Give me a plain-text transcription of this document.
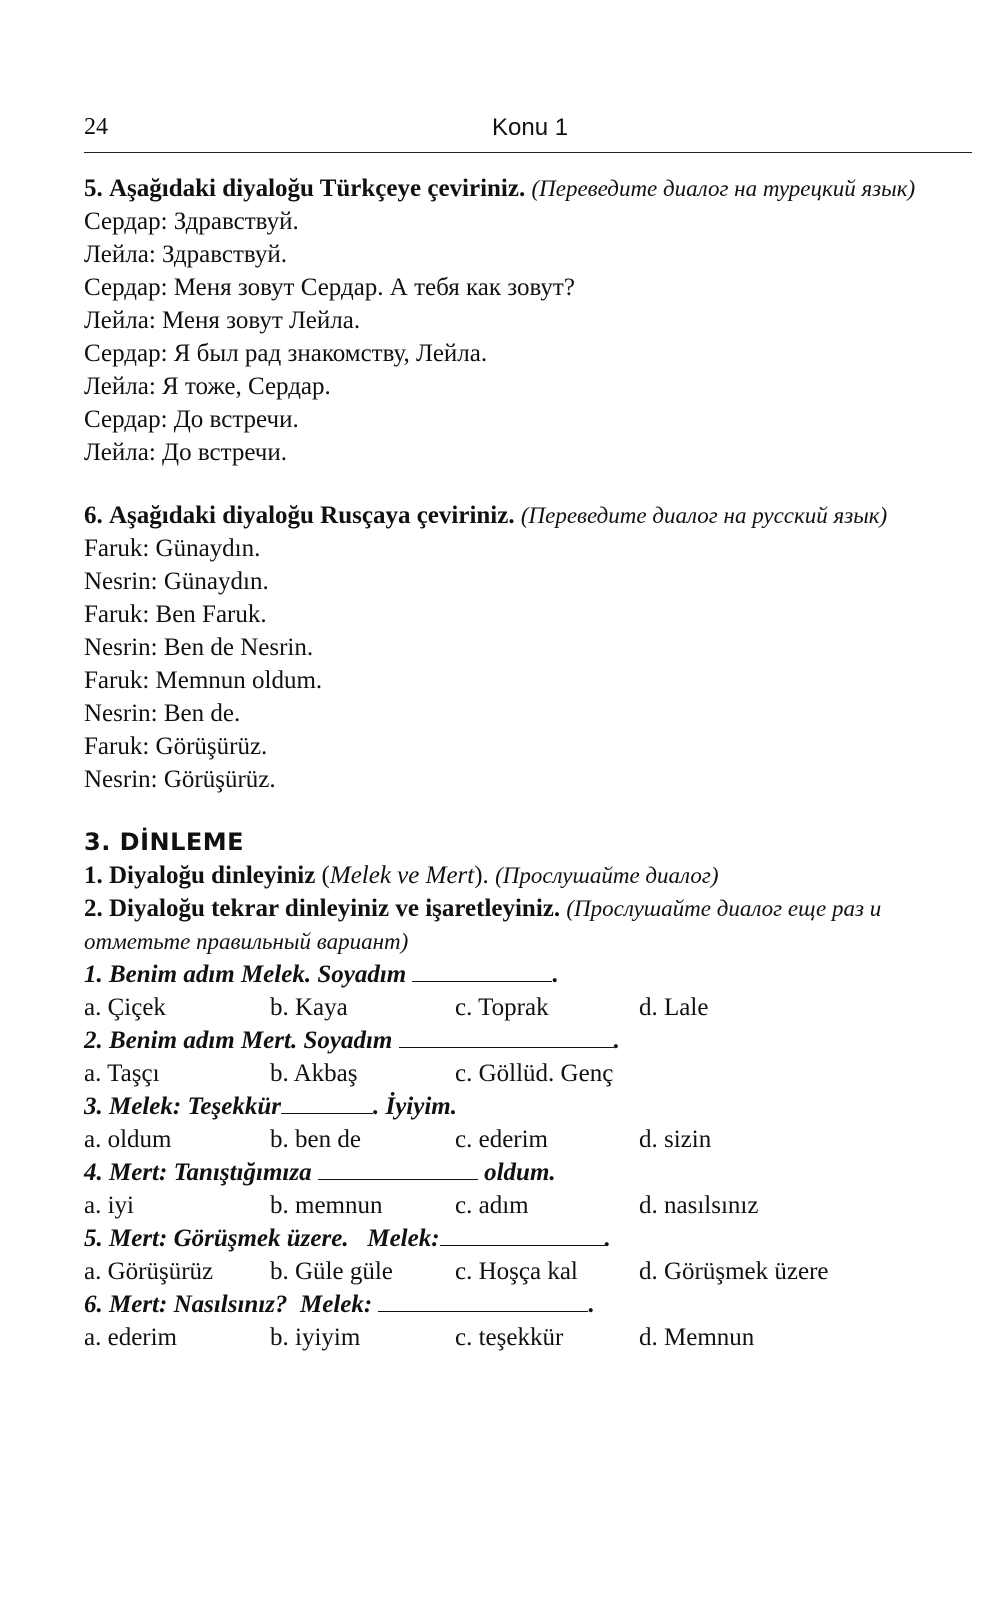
24	Konu 1
5. Aşağıdaki diyaloğu Türkçeye çeviriniz. (Переведите диалог на турецкий язык)
Сердар: Здравствуй.
Лейла: Здравствуй.
Сердар: Меня зовут Сердар. А тебя как зовут?
Лейла: Меня зовут Лейла.
Сердар: Я был рад знакомству, Лейла.
Лейла: Я тоже, Сердар.
Сердар: До встречи.
Лейла: До встречи.
6. Aşağıdaki diyaloğu Rusçaya çeviriniz. (Переведите диалог на русский язык)
Faruk: Günaydın.
Nesrin: Günaydın.
Faruk: Ben Faruk.
Nesrin: Ben de Nesrin.
Faruk: Memnun oldum.
Nesrin: Ben de.
Faruk: Görüşürüz.
Nesrin: Görüşürüz.
3. DİNLEME
1. Diyaloğu dinleyiniz (Melek ve Mert). (Прослушайте диалог)
2. Diyaloğu tekrar dinleyiniz ve işaretleyiniz. (Прослушайте диалог еще раз и отметьте правильный вариант)
1. Benim adım Melek. Soyadım	.
a. Çiçek	b. Kaya	c. Toprak	d. Lale
2. Benim adım Mert. Soyadım	.
a. Taşçı	b. Akbaş	c. Göllüd. Genç
3. Melek: Teşekkür	. İyiyim.
a. oldum	b. ben de	c. ederim	d. sizin
4. Mert: Tanıştığımıza	oldum.
a. iyi	b. memnun	c. adım	d. nasılsınız
5. Mert: Görüşmek üzere.   Melek:	.
a. Görüşürüz b. Güle güle c. Hoşça kal d. Görüşmek üzere
6. Mert: Nasılsınız?  Melek:	.
a. ederim	b. iyiyim	c. teşekkür	d. Memnun
